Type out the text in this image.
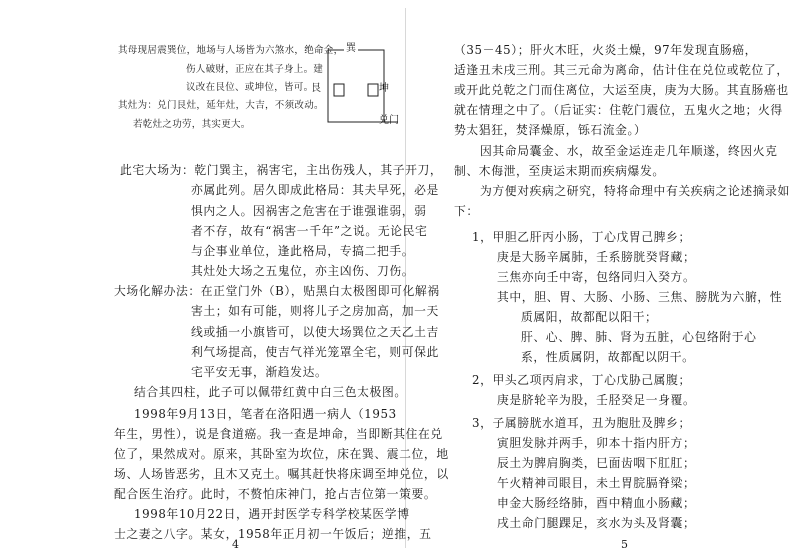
其母现居震巽位，地场与人场皆为六煞水，绝命金，
伤人破财，正应在其子身上。建
议改在艮位、或坤位，皆可。
其灶为：兑门艮灶，延年灶，大吉，不须改动。
若乾灶之功劳，其实更大。
巽
艮	坤
兑门
此宅大场为：乾门巽主，祸害宅，主出伤残人，其子开刀，
亦属此列。居久即成此格局：其夫早死，必是
惧内之人。因祸害之危害在于谁强谁弱，弱
者不存，故有“祸害一千年”之说。无论民宅
与企事业单位，逢此格局，专搞二把手。
其灶处大场之五鬼位，亦主凶伤、刀伤。
大场化解办法：在正堂门外（B），贴黑白太极图即可化解祸
害土；如有可能，则将儿子之房加高，加一天
线或插一小旗皆可，以使大场巽位之天乙土吉
利气场提高，使吉气祥光笼罩全宅，则可保此
宅平安无事，渐趋发达。
结合其四柱，此子可以佩带红黄中白三色太极图。
1998年9月13日，笔者在洛阳遇一病人（1953
年生，男性），说是食道癌。我一查是坤命，当即断其住在兑
位了，果然成对。原来，其卧室为坎位，床在巽、震二位，地
场、人场皆恶劣，且木又克土。嘱其赶快将床调至坤兑位，以
配合医生治疗。此时，不赘怕床神门，抢占吉位第一策要。
1998年10月22日，遇开封医学专科学校某医学博
士之妻之八字。某女，1958年正月初一午饭后；逆推，五
4
（35－45）；肝火木旺，火炎土燥，97年发现直肠癌，
适逢丑未戌三刑。其三元命为离命，估计住在兑位或乾位了，
或开此兑乾之门而住离位，大运至庚，庚为大肠。其直肠癌也
就在情理之中了。（后证实：住乾门震位，五鬼火之地；火得
势太猖狂，焚泽燥原，铄石流金。）
因其命局囊金、水，故至金运连走几年顺遂，终因火克
制、木侮泄，至庚运末期而疾病爆发。
为方便对疾病之研究，特将命理中有关疾病之论述摘录如
下：
1，甲胆乙肝丙小肠，丁心戊胃己脾乡；
庚是大肠辛属肺，壬系膀胱癸肾藏；
三焦亦向壬中寄，包络同归入癸方。
其中，胆、胃、大肠、小肠、三焦、膀胱为六腑，性
质属阳，故都配以阳干；
肝、心、脾、肺、肾为五脏，心包络附于心
系，性质属阴，故都配以阴干。
2，甲头乙项丙肩求，丁心戊胁己属腹；
庚是脐轮辛为股，壬胫癸足一身覆。
3，子属膀胱水道耳，丑为胞肚及脾乡；
寅胆发脉并两手，卯本十指内肝方；
辰土为脾肩胸类，巳面齿咽下肛肛；
午火精神司眼目，未土胃脘膈脊梁；
申金大肠经络肺，酉中精血小肠藏；
戌土命门腿踝足，亥水为头及肾囊；
5
